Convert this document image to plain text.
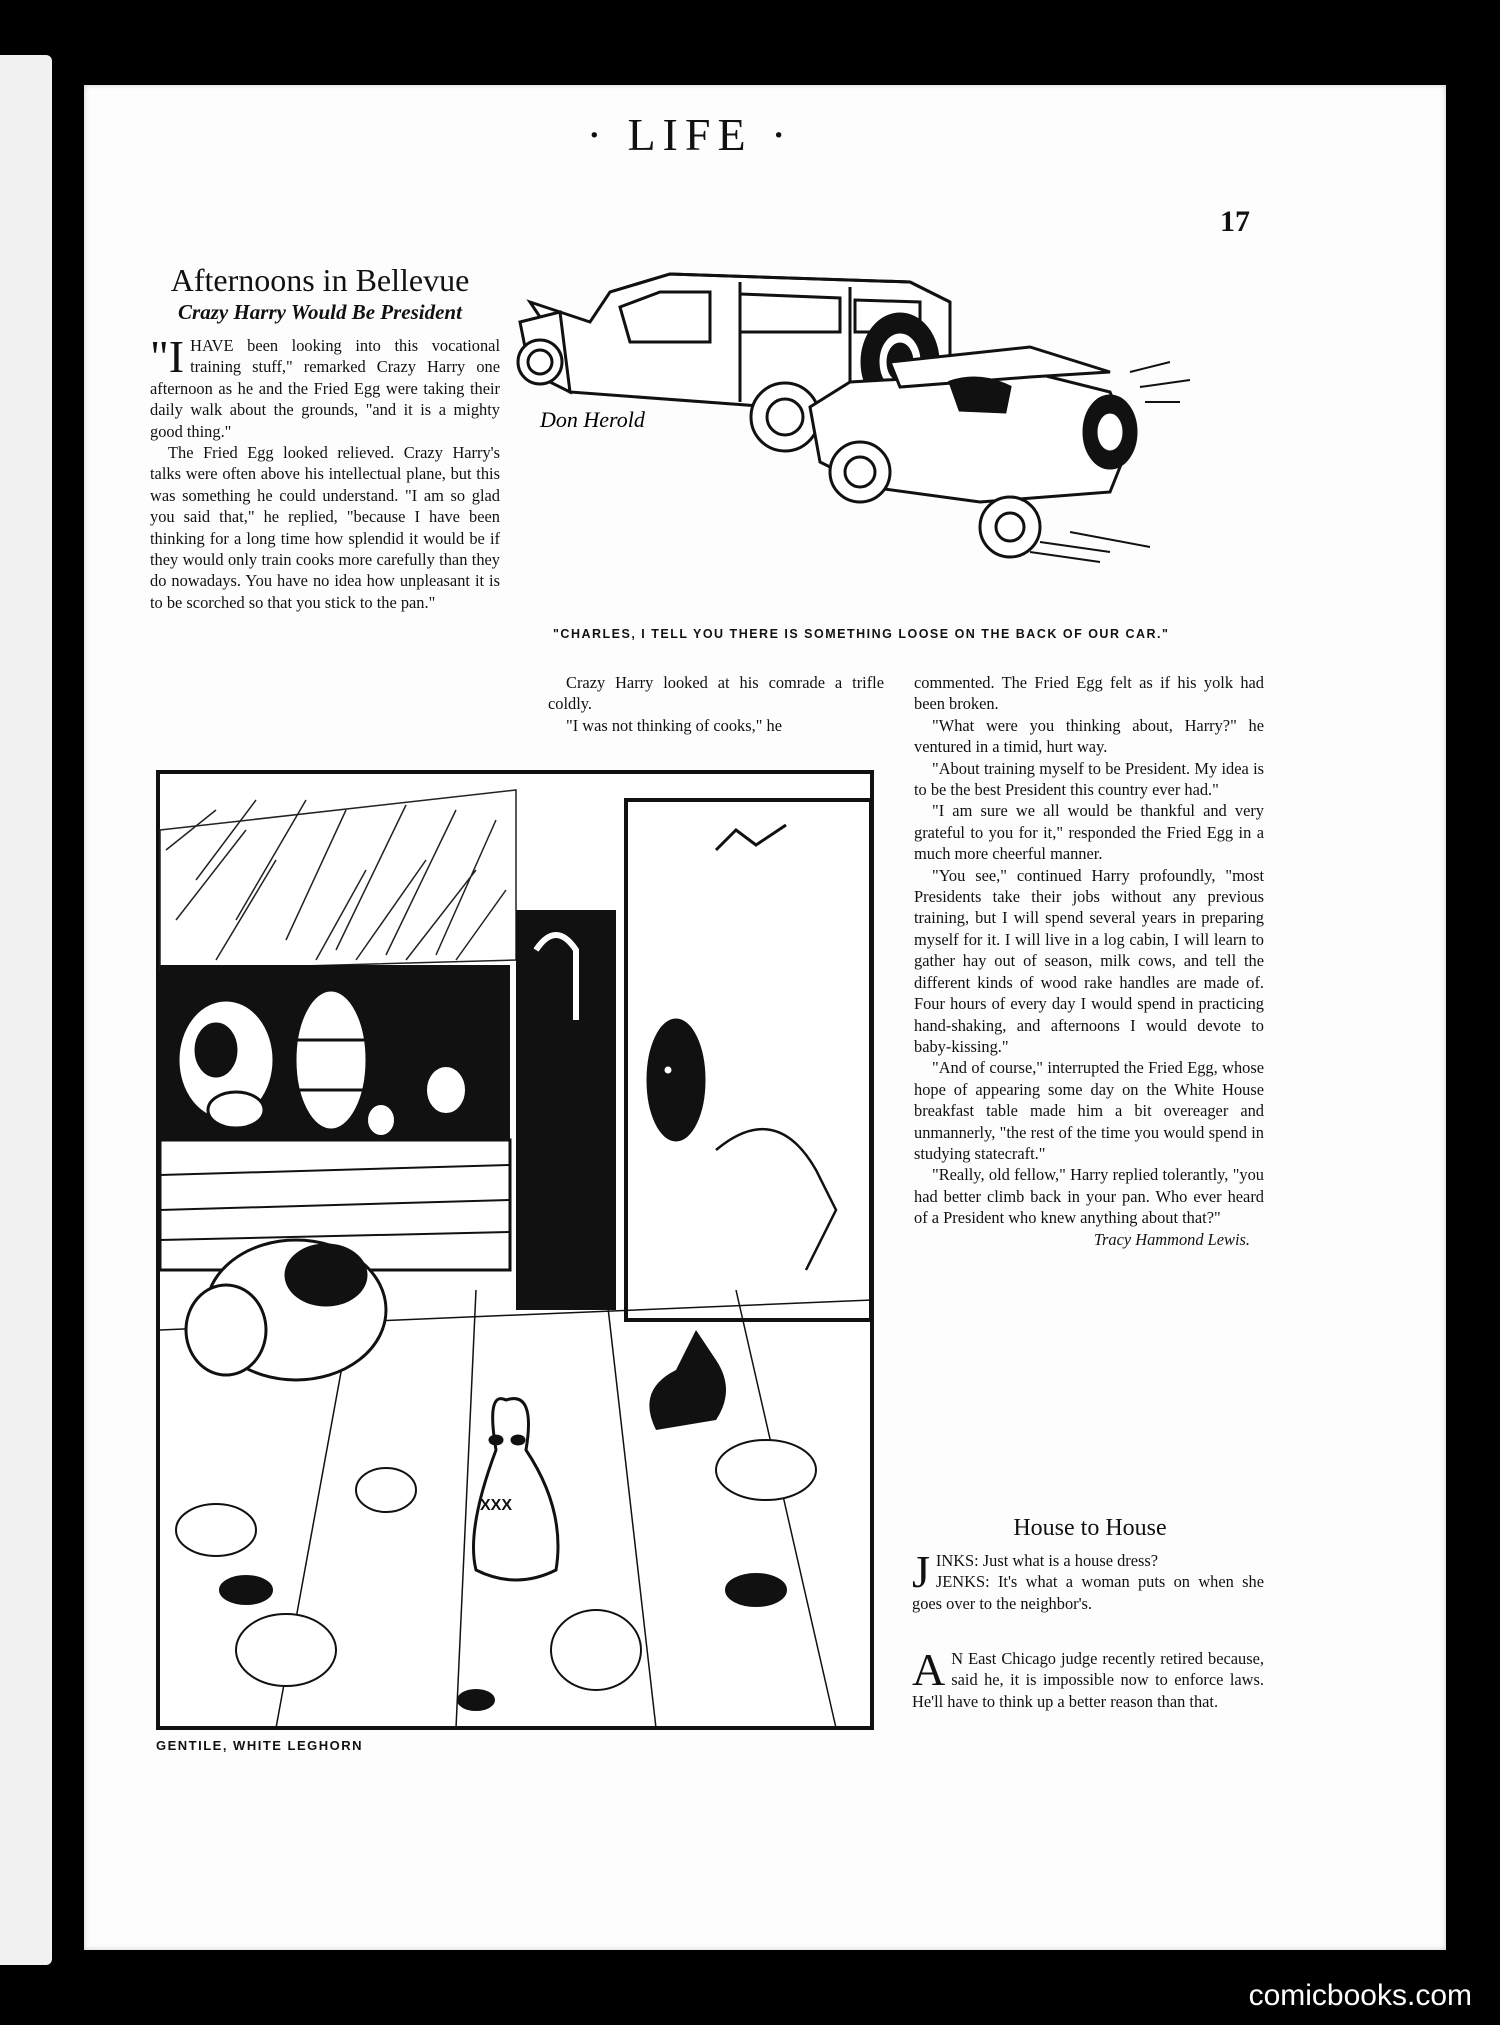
· LIFE ·
17
Afternoons in Bellevue
Crazy Harry Would Be President

"IHAVE been looking into this vocational training stuff," remarked Crazy Harry one afternoon as he and the Fried Egg were taking their daily walk about the grounds, "and it is a mighty good thing."

The Fried Egg looked relieved. Crazy Harry's talks were often above his intellectual plane, but this was something he could understand. "I am so glad you said that," he replied, "because I have been thinking for a long time how splendid it would be if they would only train cooks more carefully than they do nowadays. You have no idea how unpleasant it is to be scorched so that you stick to the pan."

Don Herold
"CHARLES, I TELL YOU THERE IS SOMETHING LOOSE ON THE BACK OF OUR CAR."

Crazy Harry looked at his comrade a trifle coldly.

"I was not thinking of cooks," he

commented. The Fried Egg felt as if his yolk had been broken.

"What were you thinking about, Harry?" he ventured in a timid, hurt way.

"About training myself to be President. My idea is to be the best President this country ever had."

"I am sure we all would be thankful and very grateful to you for it," responded the Fried Egg in a much more cheerful manner.

"You see," continued Harry profoundly, "most Presidents take their jobs without any previous training, but I will spend several years in preparing myself for it. I will live in a log cabin, I will learn to gather hay out of season, milk cows, and tell the different kinds of wood rake handles are made of. Four hours of every day I would spend in practicing hand-shaking, and afternoons I would devote to baby-kissing."

"And of course," interrupted the Fried Egg, whose hope of appearing some day on the White House breakfast table made him a bit overeager and unmannerly, "the rest of the time you would spend in studying statecraft."

"Really, old fellow," Harry replied tolerantly, "you had better climb back in your pan. Who ever heard of a President who knew anything about that?"

Tracy Hammond Lewis.
XXX
GENTILE, WHITE LEGHORN
House to House

JINKS: Just what is a house dress?

JENKS: It's what a woman puts on when she goes over to the neighbor's.

A N East Chicago judge recently retired because, said he, it is impossible now to enforce laws. He'll have to think up a better reason than that.

comicbooks.com
